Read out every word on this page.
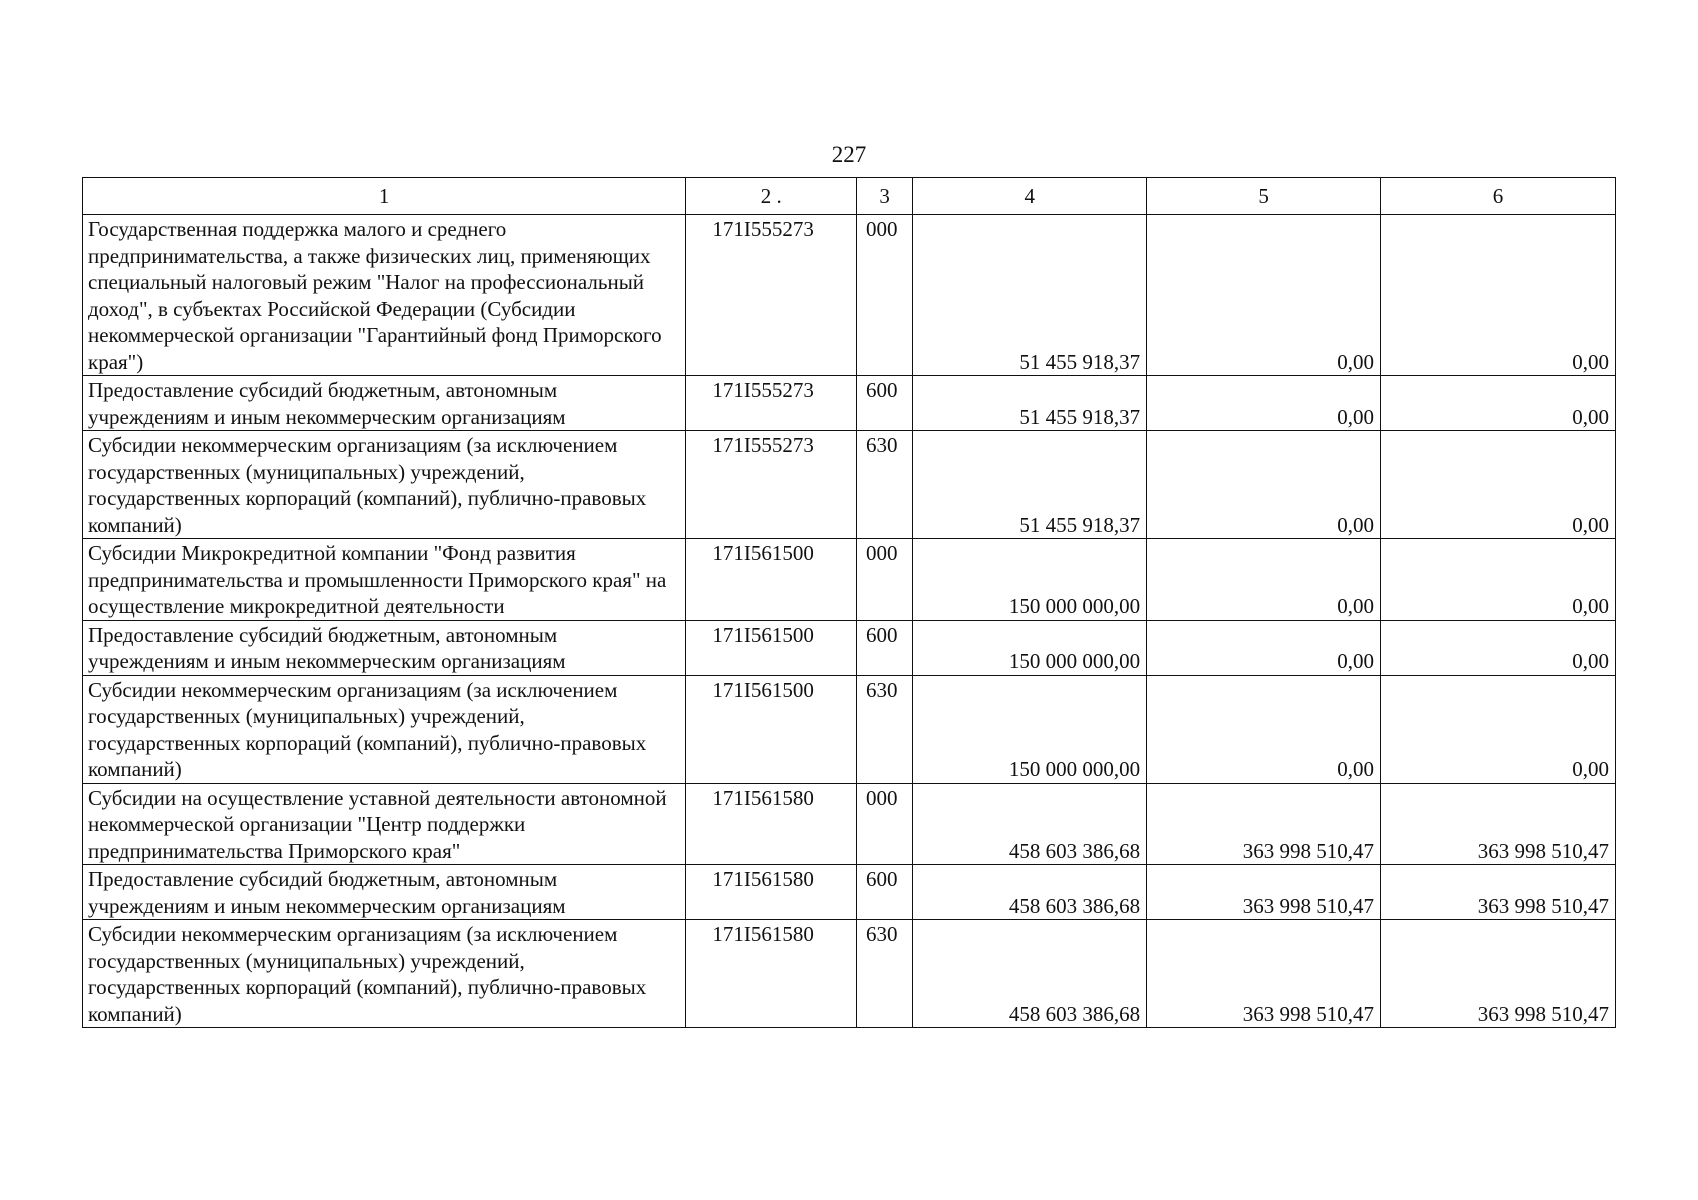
227
1	2 .	3	4	5	6
Государственная поддержка малого и среднего предпринимательства, а также физических лиц, применяющих специальный налоговый режим "Налог на профессиональный доход", в субъектах Российской Федерации (Субсидии некоммерческой организации "Гарантийный фонд Приморского края")	171I555273	000	51 455 918,37	0,00	0,00
Предоставление субсидий бюджетным, автономным учреждениям и иным некоммерческим организациям	171I555273	600	51 455 918,37	0,00	0,00
Субсидии некоммерческим организациям (за исключением государственных (муниципальных) учреждений, государственных корпораций (компаний), публично-правовых компаний)	171I555273	630	51 455 918,37	0,00	0,00
Субсидии Микрокредитной компании "Фонд развития предпринимательства и промышленности Приморского края" на осуществление микрокредитной деятельности	171I561500	000	150 000 000,00	0,00	0,00
Предоставление субсидий бюджетным, автономным учреждениям и иным некоммерческим организациям	171I561500	600	150 000 000,00	0,00	0,00
Субсидии некоммерческим организациям (за исключением государственных (муниципальных) учреждений, государственных корпораций (компаний), публично-правовых компаний)	171I561500	630	150 000 000,00	0,00	0,00
Субсидии на осуществление уставной деятельности автономной некоммерческой организации "Центр поддержки предпринимательства Приморского края"	171I561580	000	458 603 386,68	363 998 510,47	363 998 510,47
Предоставление субсидий бюджетным, автономным учреждениям и иным некоммерческим организациям	171I561580	600	458 603 386,68	363 998 510,47	363 998 510,47
Субсидии некоммерческим организациям (за исключением государственных (муниципальных) учреждений, государственных корпораций (компаний), публично-правовых компаний)	171I561580	630	458 603 386,68	363 998 510,47	363 998 510,47
